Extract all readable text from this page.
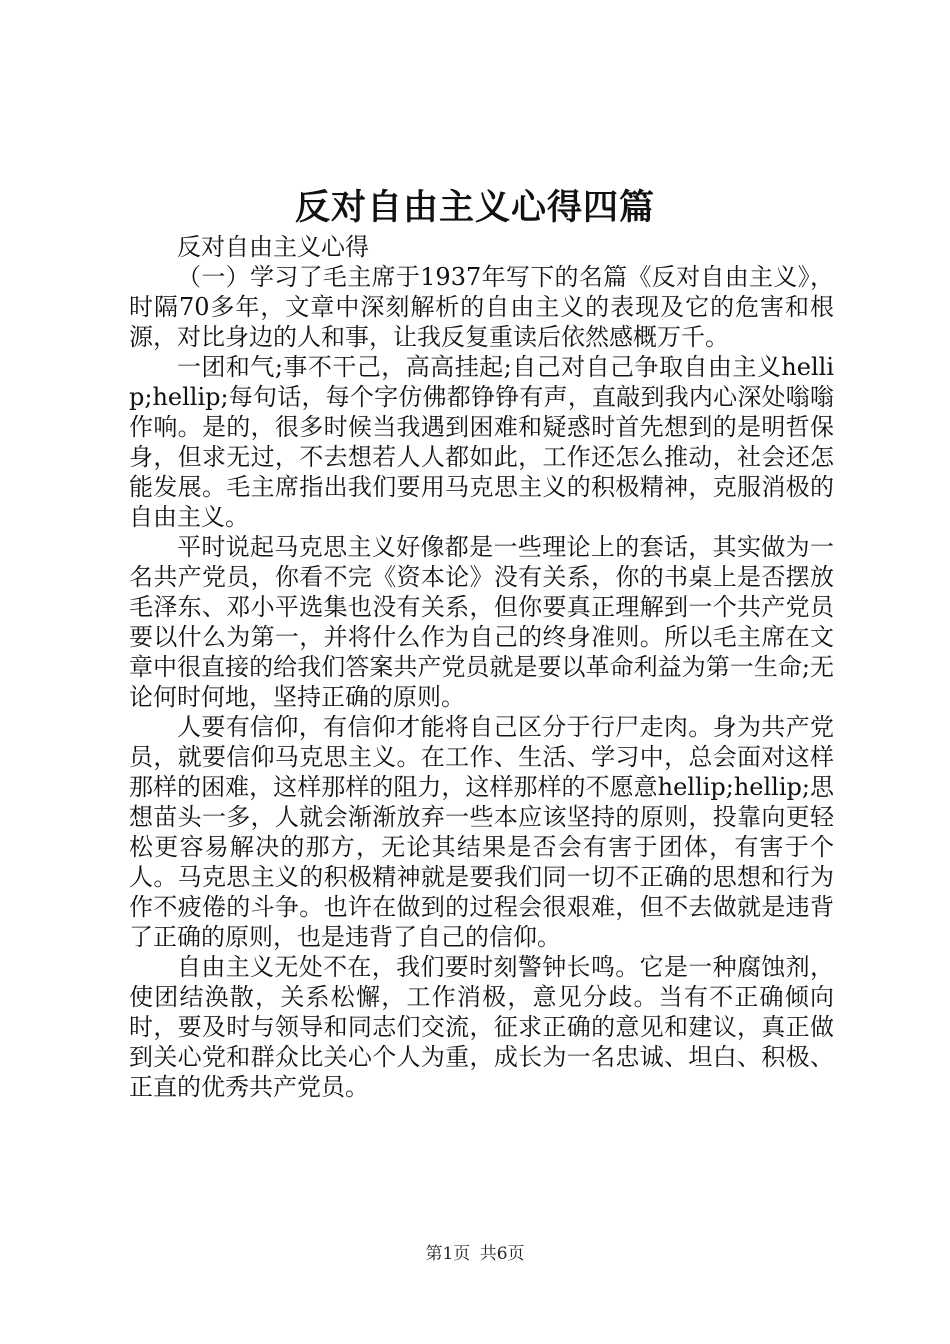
反对自由主义心得四篇

反对自由主义心得

（一）学习了毛主席于1937年写下的名篇《反对自由主义》，时隔70多年，文章中深刻解析的自由主义的表现及它的危害和根源，对比身边的人和事，让我反复重读后依然感概万千。

一团和气;事不干己，高高挂起;自己对自己争取自由主义hellip;hellip;每句话，每个字仿佛都铮铮有声，直敲到我内心深处嗡嗡作响。是的，很多时候当我遇到困难和疑惑时首先想到的是明哲保身，但求无过，不去想若人人都如此，工作还怎么推动，社会还怎能发展。毛主席指出我们要用马克思主义的积极精神，克服消极的自由主义。

平时说起马克思主义好像都是一些理论上的套话，其实做为一名共产党员，你看不完《资本论》没有关系，你的书桌上是否摆放毛泽东、邓小平选集也没有关系，但你要真正理解到一个共产党员要以什么为第一，并将什么作为自己的终身准则。所以毛主席在文章中很直接的给我们答案共产党员就是要以革命利益为第一生命;无论何时何地，坚持正确的原则。

人要有信仰，有信仰才能将自己区分于行尸走肉。身为共产党员，就要信仰马克思主义。在工作、生活、学习中，总会面对这样那样的困难，这样那样的阻力，这样那样的不愿意hellip;hellip;思想苗头一多，人就会渐渐放弃一些本应该坚持的原则，投靠向更轻松更容易解决的那方，无论其结果是否会有害于团体，有害于个人。马克思主义的积极精神就是要我们同一切不正确的思想和行为作不疲倦的斗争。也许在做到的过程会很艰难，但不去做就是违背了正确的原则，也是违背了自己的信仰。

自由主义无处不在，我们要时刻警钟长鸣。它是一种腐蚀剂，使团结涣散，关系松懈，工作消极，意见分歧。当有不正确倾向时，要及时与领导和同志们交流，征求正确的意见和建议，真正做到关心党和群众比关心个人为重，成长为一名忠诚、坦白、积极、正直的优秀共产党员。

第1页 共6页
